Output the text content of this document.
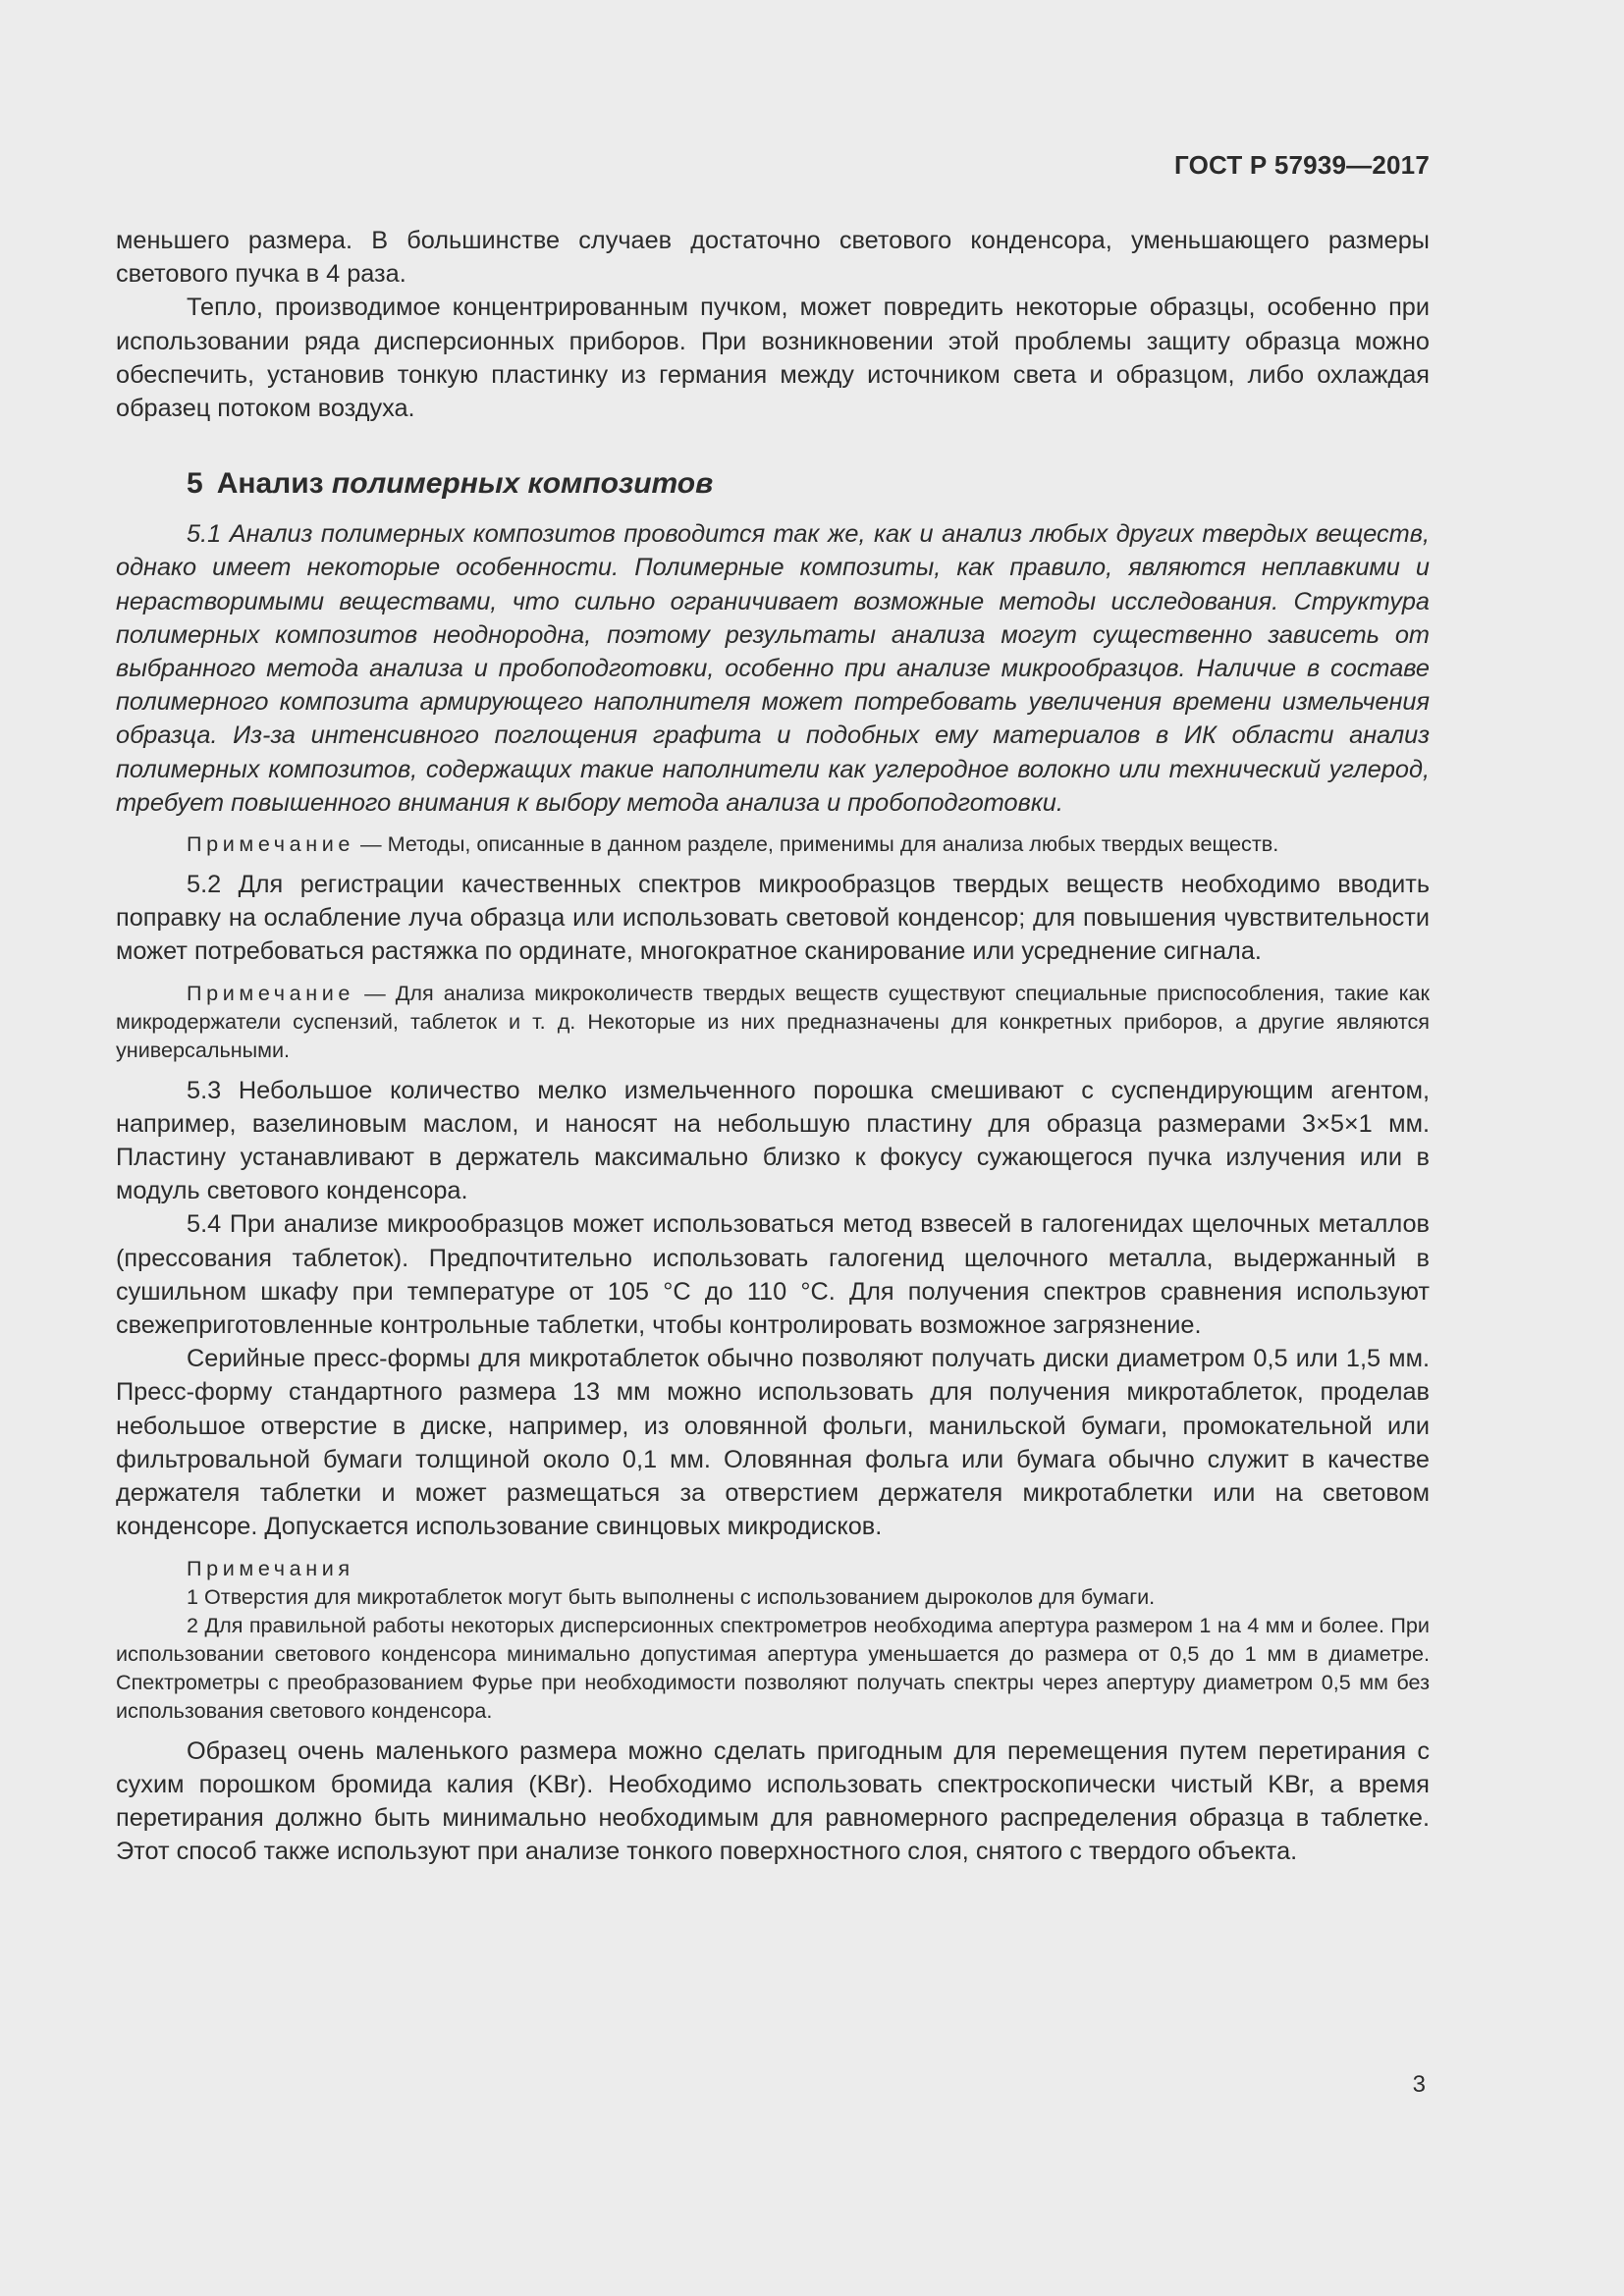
ГОСТ Р 57939—2017

меньшего размера. В большинстве случаев достаточно светового конденсора, уменьшающего размеры светового пучка в 4 раза.

Тепло, производимое концентрированным пучком, может повредить некоторые образцы, особенно при использовании ряда дисперсионных приборов. При возникновении этой проблемы защиту образца можно обеспечить, установив тонкую пластинку из германия между источником света и образцом, либо охлаждая образец потоком воздуха.

5 Анализ полимерных композитов

5.1 Анализ полимерных композитов проводится так же, как и анализ любых других твердых веществ, однако имеет некоторые особенности. Полимерные композиты, как правило, являются неплавкими и нерастворимыми веществами, что сильно ограничивает возможные методы исследования. Структура полимерных композитов неоднородна, поэтому результаты анализа могут существенно зависеть от выбранного метода анализа и пробоподготовки, особенно при анализе микрообразцов. Наличие в составе полимерного композита армирующего наполнителя может потребовать увеличения времени измельчения образца. Из-за интенсивного поглощения графита и подобных ему материалов в ИК области анализ полимерных композитов, содержащих такие наполнители как углеродное волокно или технический углерод, требует повышенного внимания к выбору метода анализа и пробоподготовки.

Примечание — Методы, описанные в данном разделе, применимы для анализа любых твердых веществ.

5.2 Для регистрации качественных спектров микрообразцов твердых веществ необходимо вводить поправку на ослабление луча образца или использовать световой конденсор; для повышения чувствительности может потребоваться растяжка по ординате, многократное сканирование или усреднение сигнала.

Примечание — Для анализа микроколичеств твердых веществ существуют специальные приспособления, такие как микродержатели суспензий, таблеток и т. д. Некоторые из них предназначены для конкретных приборов, а другие являются универсальными.

5.3 Небольшое количество мелко измельченного порошка смешивают с суспендирующим агентом, например, вазелиновым маслом, и наносят на небольшую пластину для образца размерами 3×5×1 мм. Пластину устанавливают в держатель максимально близко к фокусу сужающегося пучка излучения или в модуль светового конденсора.

5.4 При анализе микрообразцов может использоваться метод взвесей в галогенидах щелочных металлов (прессования таблеток). Предпочтительно использовать галогенид щелочного металла, выдержанный в сушильном шкафу при температуре от 105 °C до 110 °C. Для получения спектров сравнения используют свежеприготовленные контрольные таблетки, чтобы контролировать возможное загрязнение.

Серийные пресс-формы для микротаблеток обычно позволяют получать диски диаметром 0,5 или 1,5 мм. Пресс-форму стандартного размера 13 мм можно использовать для получения микротаблеток, проделав небольшое отверстие в диске, например, из оловянной фольги, манильской бумаги, промокательной или фильтровальной бумаги толщиной около 0,1 мм. Оловянная фольга или бумага обычно служит в качестве держателя таблетки и может размещаться за отверстием держателя микротаблетки или на световом конденсоре. Допускается использование свинцовых микродисков.

Примечания
1 Отверстия для микротаблеток могут быть выполнены с использованием дыроколов для бумаги.
2 Для правильной работы некоторых дисперсионных спектрометров необходима апертура размером 1 на 4 мм и более. При использовании светового конденсора минимально допустимая апертура уменьшается до размера от 0,5 до 1 мм в диаметре. Спектрометры с преобразованием Фурье при необходимости позволяют получать спектры через апертуру диаметром 0,5 мм без использования светового конденсора.

Образец очень маленького размера можно сделать пригодным для перемещения путем перетирания с сухим порошком бромида калия (KBr). Необходимо использовать спектроскопически чистый KBr, а время перетирания должно быть минимально необходимым для равномерного распределения образца в таблетке. Этот способ также используют при анализе тонкого поверхностного слоя, снятого с твердого объекта.

3
